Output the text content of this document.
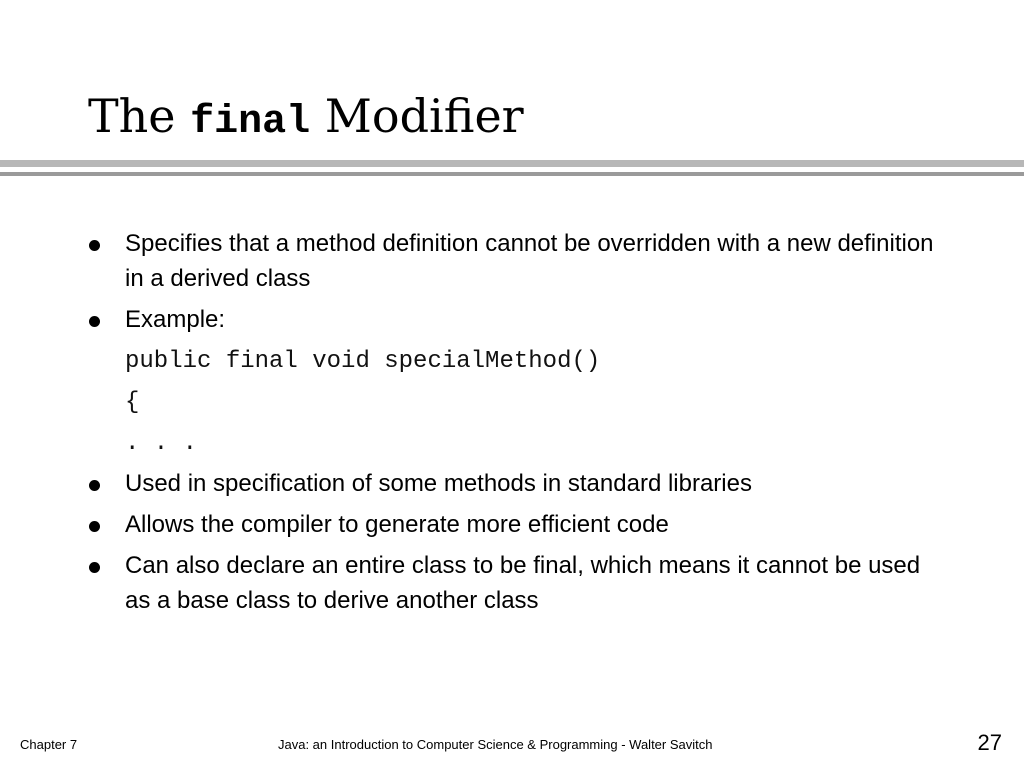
The final Modifier
Specifies that a method definition cannot be overridden with a new definition in a derived class
Example:
public final void specialMethod()
{
. . .
Used in specification of some methods in standard libraries
Allows the compiler to generate more efficient code
Can also declare an entire class to be final, which means it cannot be used as a base class to derive another class
Chapter 7	Java: an Introduction to Computer Science & Programming - Walter Savitch	27
